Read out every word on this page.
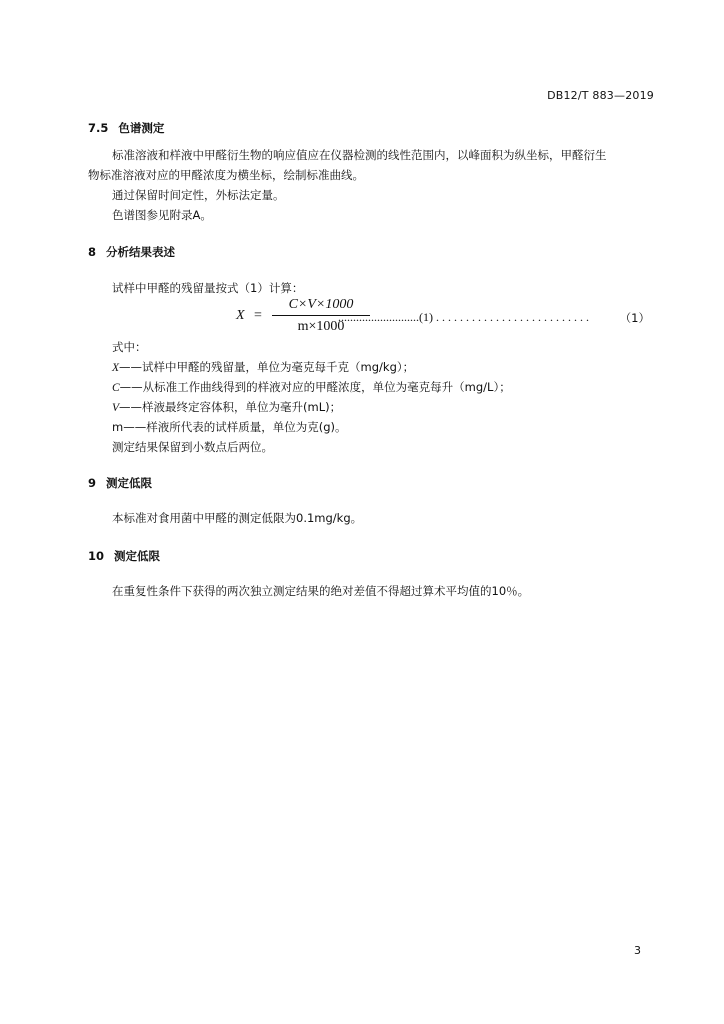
DB12/T 883—2019
7.5 色谱测定
标准溶液和样液中甲醛衍生物的响应值应在仪器检测的线性范围内，以峰面积为纵坐标，甲醛衍生
物标准溶液对应的甲醛浓度为横坐标，绘制标准曲线。
通过保留时间定性，外标法定量。
色谱图参见附录A。
8 分析结果表述
试样中甲醛的残留量按式（1）计算：
X =
C×V×1000
m×1000
...........................(1) . . . . . . . . . . . . . . . . . . . . . . . . . .	（1）
式中：
X——试样中甲醛的残留量，单位为毫克每千克（mg/kg）；
C——从标准工作曲线得到的样液对应的甲醛浓度，单位为毫克每升（mg/L）；
V——样液最终定容体积，单位为毫升(mL)；
m——样液所代表的试样质量，单位为克(g)。
测定结果保留到小数点后两位。
9 测定低限
本标准对食用菌中甲醛的测定低限为0.1mg/kg。
10 测定低限
在重复性条件下获得的两次独立测定结果的绝对差值不得超过算术平均值的10％。
3
